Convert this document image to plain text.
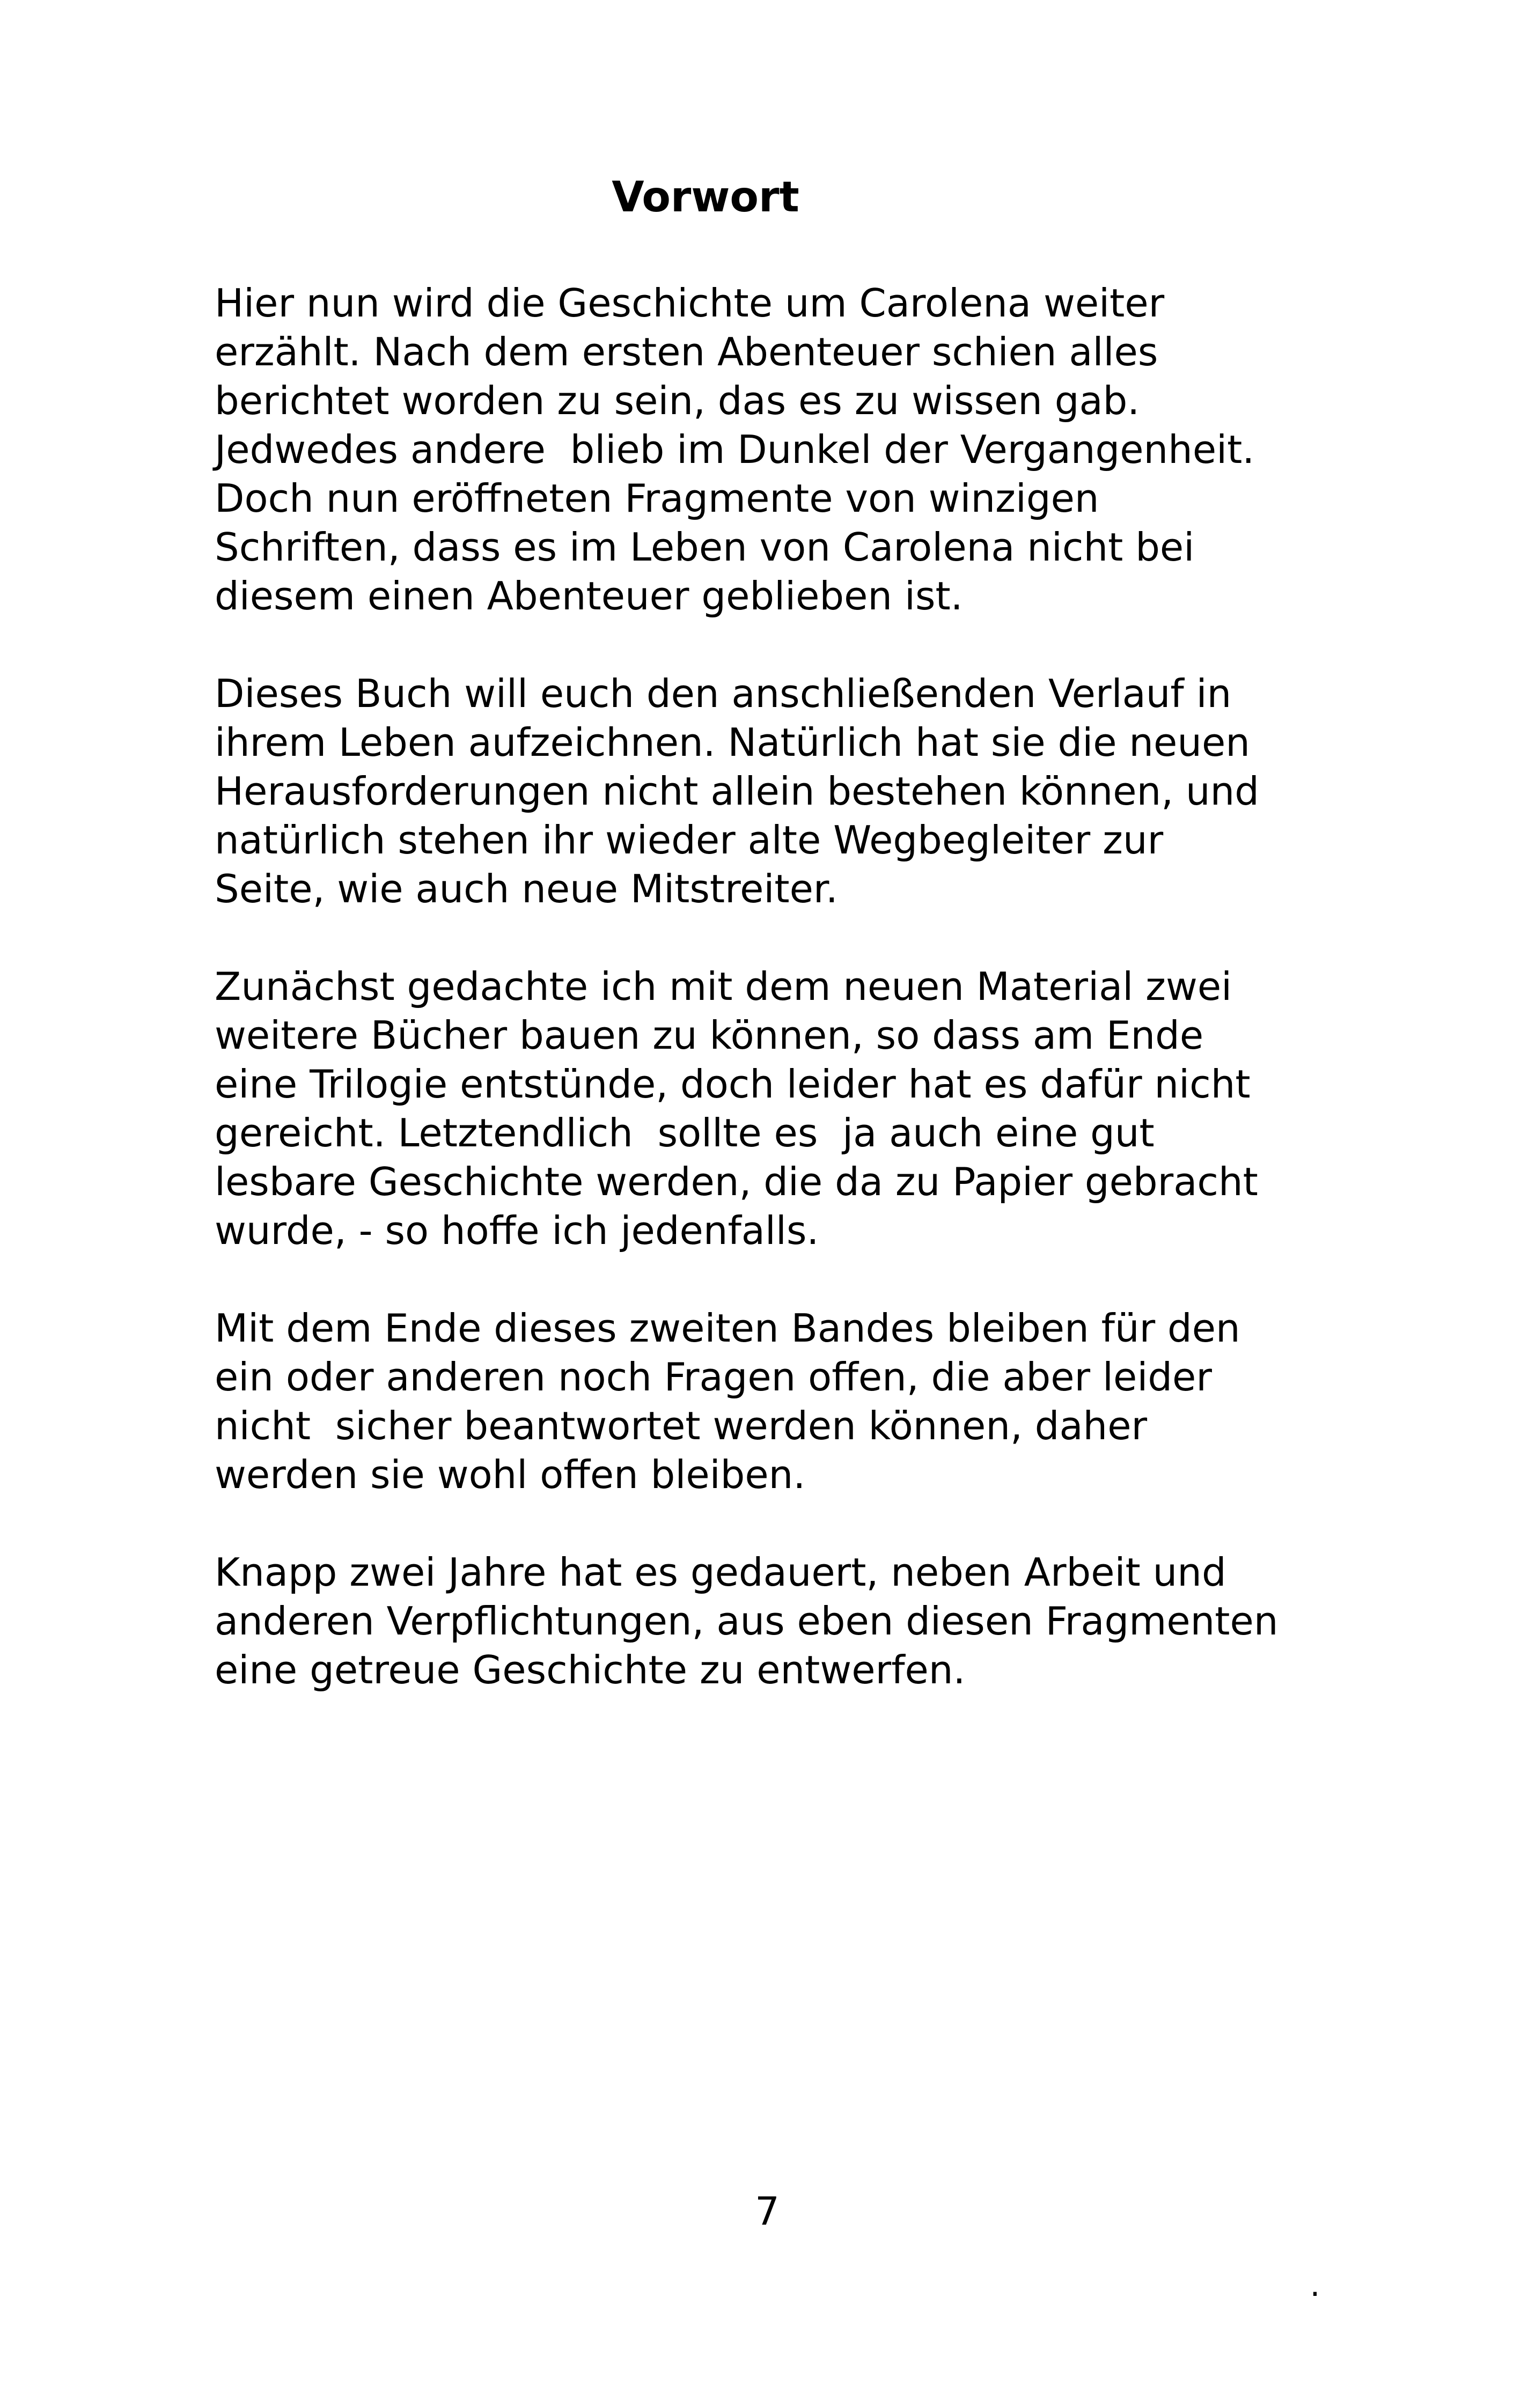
Vorwort

Hier nun wird die Geschichte um Carolena weiter
erzählt. Nach dem ersten Abenteuer schien alles
berichtet worden zu sein, das es zu wissen gab.
Jedwedes andere  blieb im Dunkel der Vergangenheit.
Doch nun eröffneten Fragmente von winzigen
Schriften, dass es im Leben von Carolena nicht bei
diesem einen Abenteuer geblieben ist.

Dieses Buch will euch den anschließenden Verlauf in
ihrem Leben aufzeichnen. Natürlich hat sie die neuen
Herausforderungen nicht allein bestehen können, und
natürlich stehen ihr wieder alte Wegbegleiter zur
Seite, wie auch neue Mitstreiter.

Zunächst gedachte ich mit dem neuen Material zwei
weitere Bücher bauen zu können, so dass am Ende
eine Trilogie entstünde, doch leider hat es dafür nicht
gereicht. Letztendlich  sollte es  ja auch eine gut
lesbare Geschichte werden, die da zu Papier gebracht
wurde, - so hoffe ich jedenfalls.

Mit dem Ende dieses zweiten Bandes bleiben für den
ein oder anderen noch Fragen offen, die aber leider
nicht  sicher beantwortet werden können, daher
werden sie wohl offen bleiben.

Knapp zwei Jahre hat es gedauert, neben Arbeit und
anderen Verpflichtungen, aus eben diesen Fragmenten
eine getreue Geschichte zu entwerfen.

7
.
